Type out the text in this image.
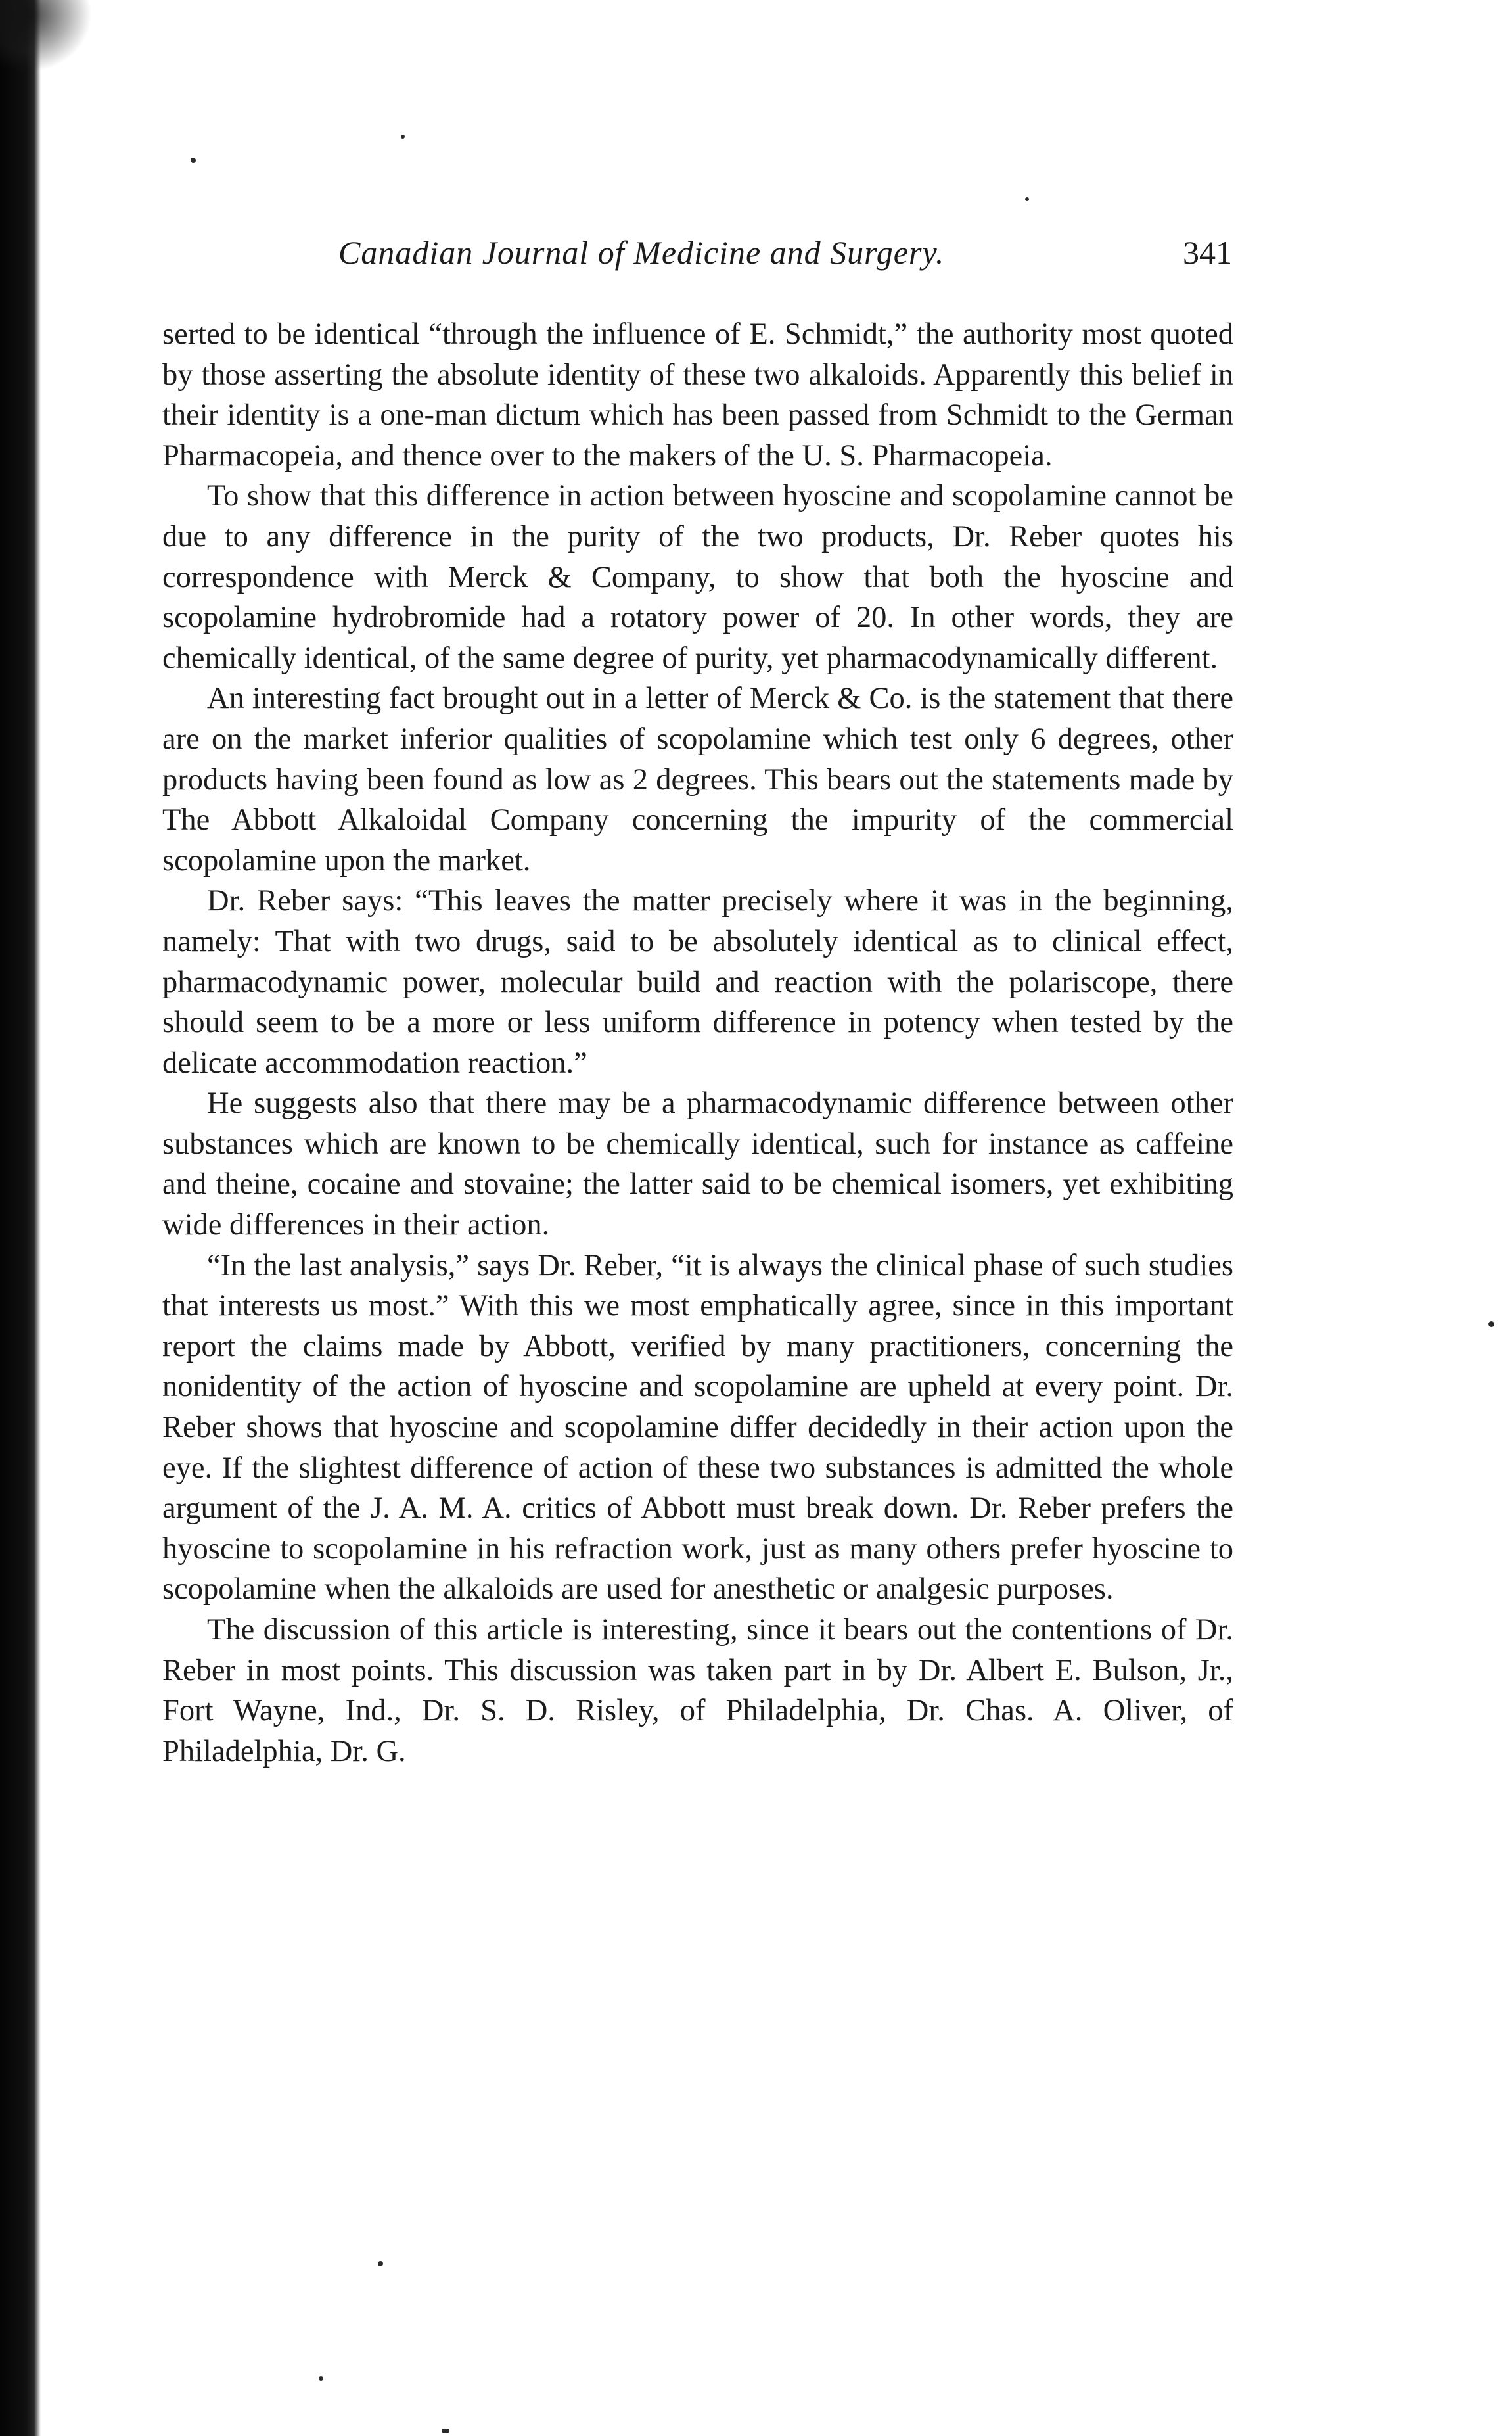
Canadian Journal of Medicine and Surgery.	341

serted to be identical “through the influence of E. Schmidt,” the authority most quoted by those asserting the absolute identity of these two alkaloids. Apparently this belief in their identity is a one-man dictum which has been passed from Schmidt to the German Pharmacopeia, and thence over to the makers of the U. S. Pharmacopeia.

To show that this difference in action between hyoscine and scopolamine cannot be due to any difference in the purity of the two products, Dr. Reber quotes his correspondence with Merck & Company, to show that both the hyoscine and scopolamine hydrobromide had a rotatory power of 20. In other words, they are chemically identical, of the same degree of purity, yet pharmacodynamically different.

An interesting fact brought out in a letter of Merck & Co. is the statement that there are on the market inferior qualities of scopolamine which test only 6 degrees, other products having been found as low as 2 degrees. This bears out the statements made by The Abbott Alkaloidal Company concerning the impurity of the commercial scopolamine upon the market.

Dr. Reber says: “This leaves the matter precisely where it was in the beginning, namely: That with two drugs, said to be absolutely identical as to clinical effect, pharmacodynamic power, molecular build and reaction with the polariscope, there should seem to be a more or less uniform difference in potency when tested by the delicate accommodation reaction.”

He suggests also that there may be a pharmacodynamic difference between other substances which are known to be chemically identical, such for instance as caffeine and theine, cocaine and stovaine; the latter said to be chemical isomers, yet exhibiting wide differences in their action.

“In the last analysis,” says Dr. Reber, “it is always the clinical phase of such studies that interests us most.” With this we most emphatically agree, since in this important report the claims made by Abbott, verified by many practitioners, concerning the nonidentity of the action of hyoscine and scopolamine are upheld at every point. Dr. Reber shows that hyoscine and scopolamine differ decidedly in their action upon the eye. If the slightest difference of action of these two substances is admitted the whole argument of the J. A. M. A. critics of Abbott must break down. Dr. Reber prefers the hyoscine to scopolamine in his refraction work, just as many others prefer hyoscine to scopolamine when the alkaloids are used for anesthetic or analgesic purposes.

The discussion of this article is interesting, since it bears out the contentions of Dr. Reber in most points. This discussion was taken part in by Dr. Albert E. Bulson, Jr., Fort Wayne, Ind., Dr. S. D. Risley, of Philadelphia, Dr. Chas. A. Oliver, of Philadelphia, Dr. G.
